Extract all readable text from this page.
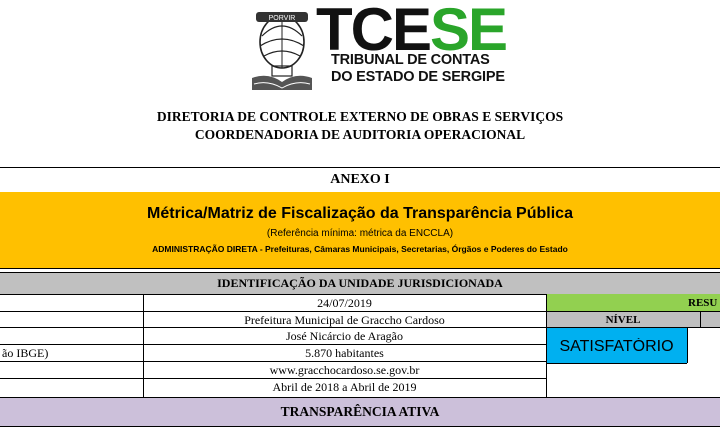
PORVIR TCESE
TRIBUNAL DE CONTAS
DO ESTADO DE SERGIPE
DIRETORIA DE CONTROLE EXTERNO DE OBRAS E SERVIÇOS
COORDENADORIA DE AUDITORIA OPERACIONAL
ANEXO I
Métrica/Matriz de Fiscalização da Transparência Pública
(Referência mínima: métrica da ENCCLA)
ADMINISTRAÇÃO DIRETA - Prefeituras, Câmaras Municipais, Secretarias, Órgãos e Poderes do Estado
IDENTIFICAÇÃO DA UNIDADE JURISDICIONADA
24/07/2019
Prefeitura Municipal de Graccho Cardoso
José Nicárcio de Aragão
ão IBGE)	5.870 habitantes
www.gracchocardoso.se.gov.br
Abril de 2018 a Abril de 2019
RESU
NÍVEL
SATISFATÓRIO
TRANSPARÊNCIA ATIVA
